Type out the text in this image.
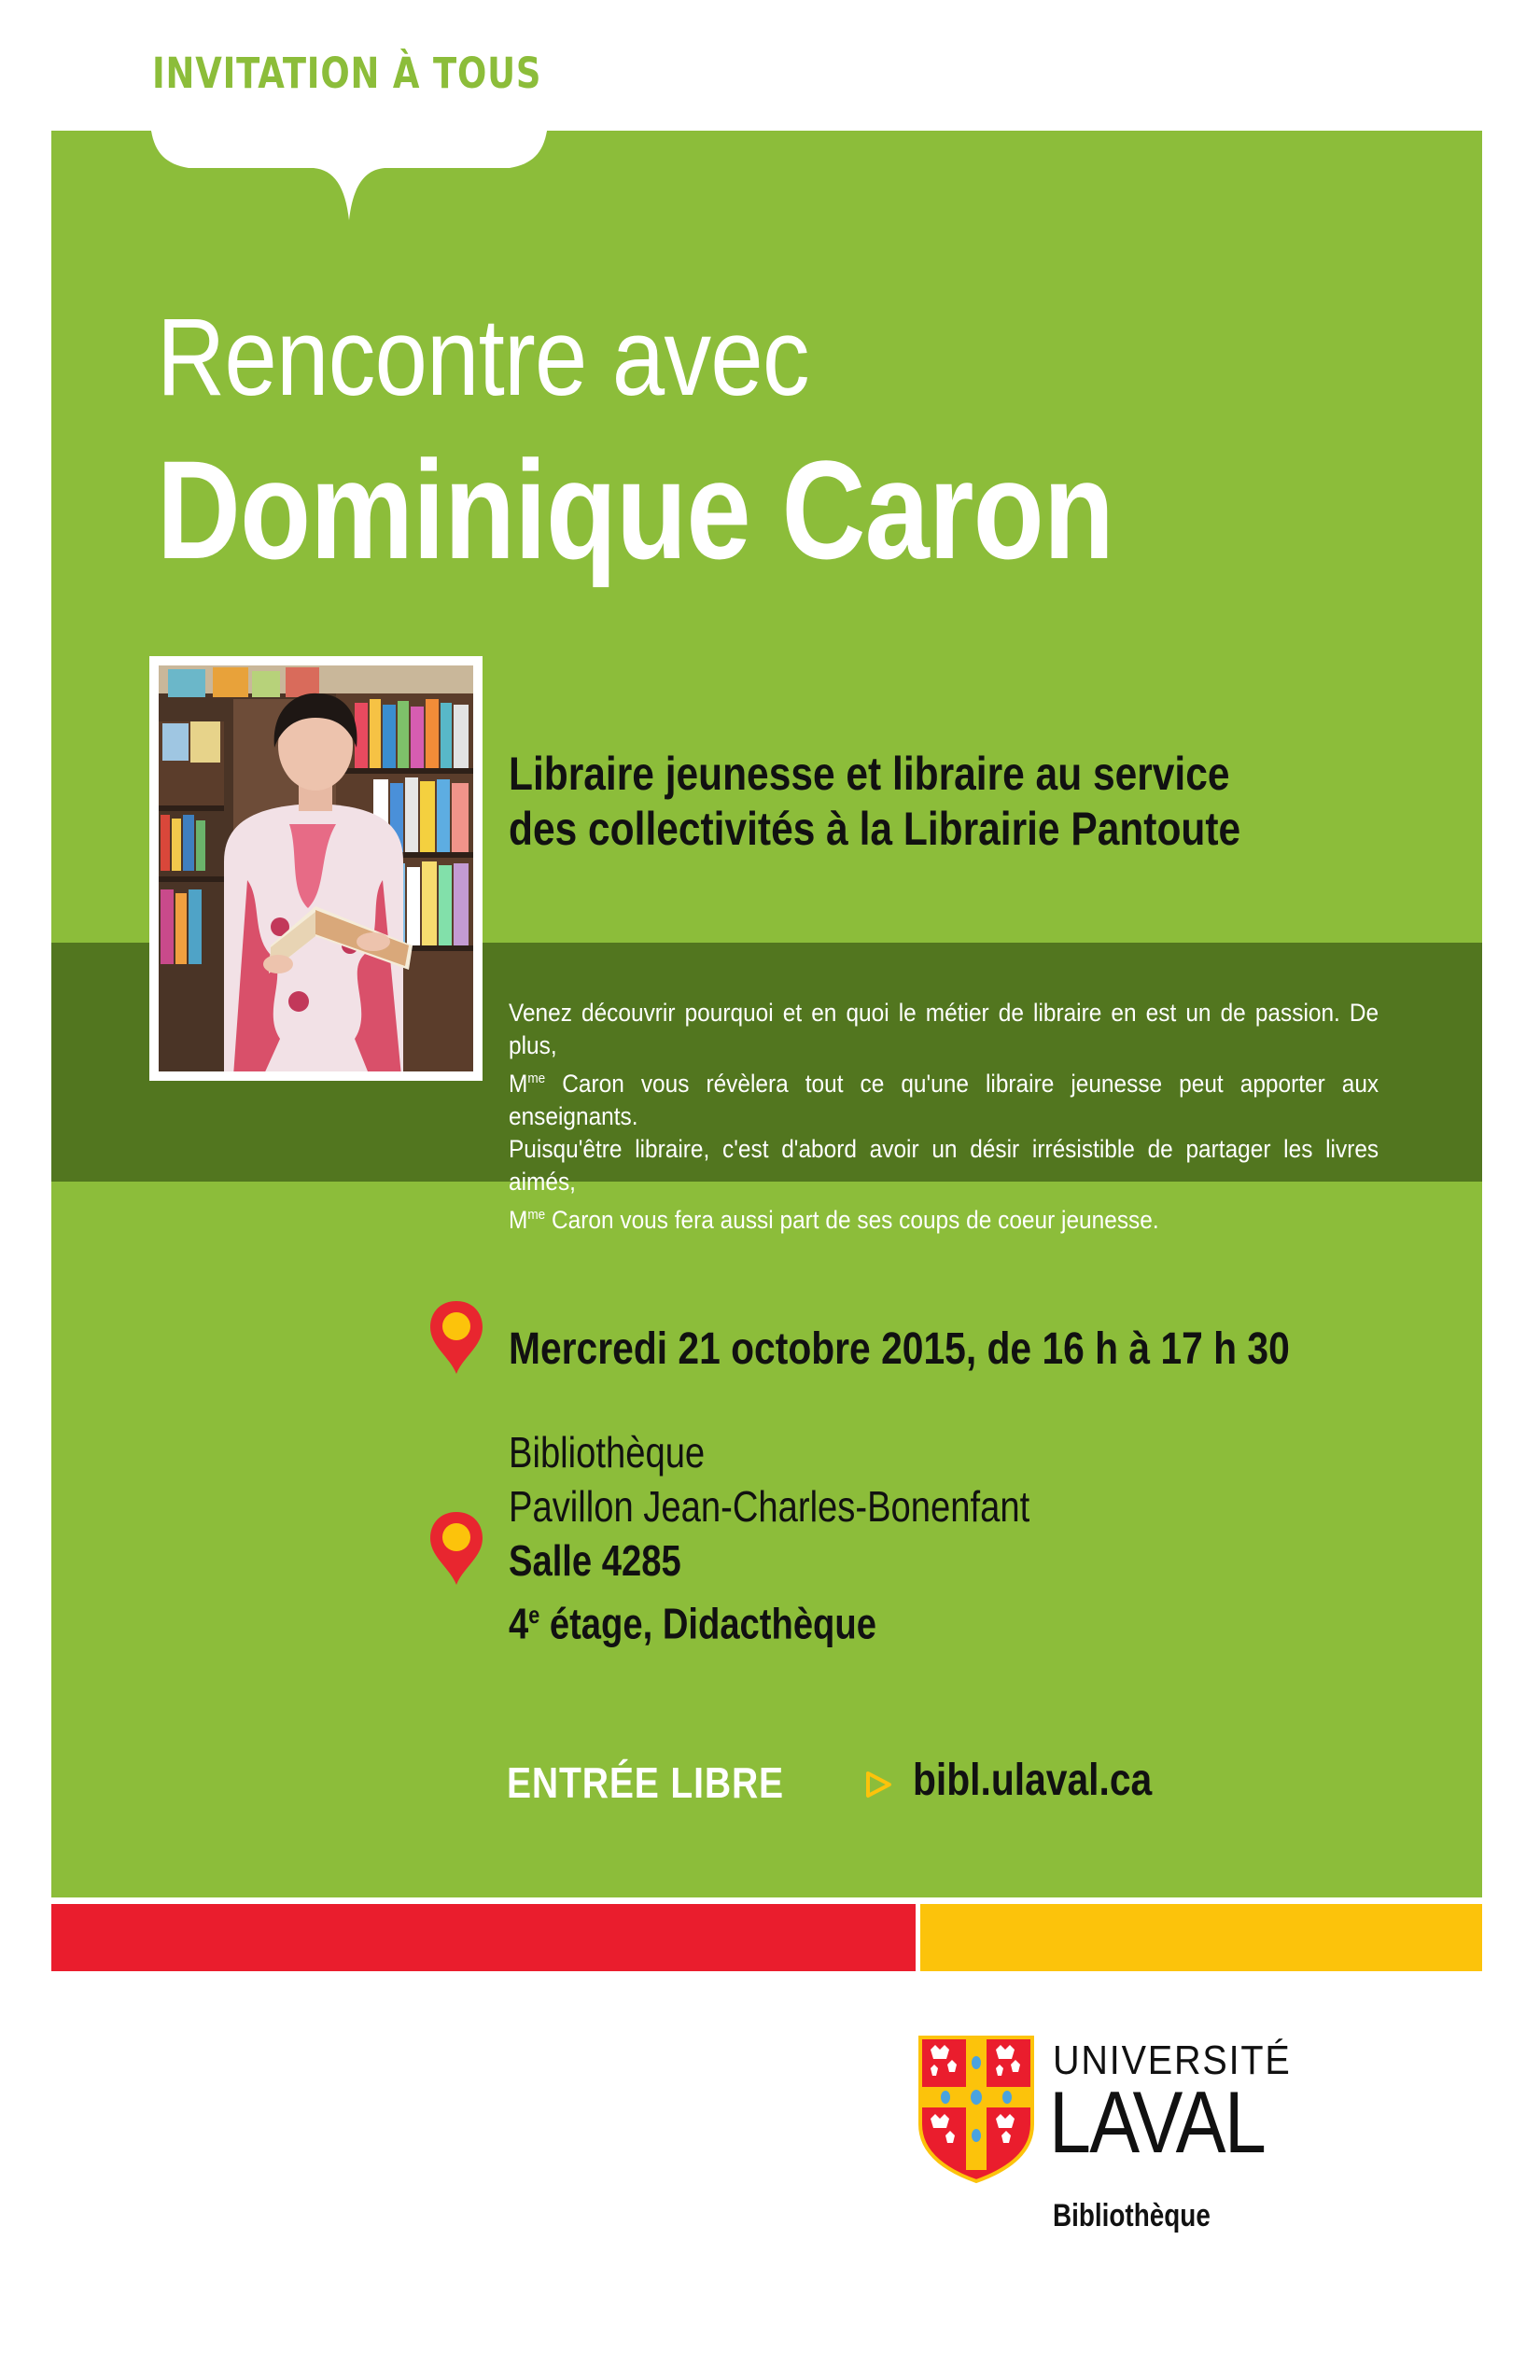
INVITATION À TOUS
Rencontre avec
Dominique Caron
Libraire jeunesse et libraire au service
des collectivités à la Librairie Pantoute
Venez découvrir pourquoi et en quoi le métier de libraire en est un de passion. De plus,
$M^{me}$ Caron vous révèlera tout ce qu'une libraire jeunesse peut apporter aux enseignants.
Puisqu'être libraire, c'est d'abord avoir un désir irrésistible de partager les livres aimés,
$M^{me}$ Caron vous fera aussi part de ses coups de coeur jeunesse.
Mercredi 21 octobre 2015, de 16 h à 17 h 30
Bibliothèque
Pavillon Jean-Charles-Bonenfant
Salle 4285
4e étage, Didacthèque
ENTRÉE LIBRE	bibl.ulaval.ca
UNIVERSITÉ
LAVAL
Bibliothèque
